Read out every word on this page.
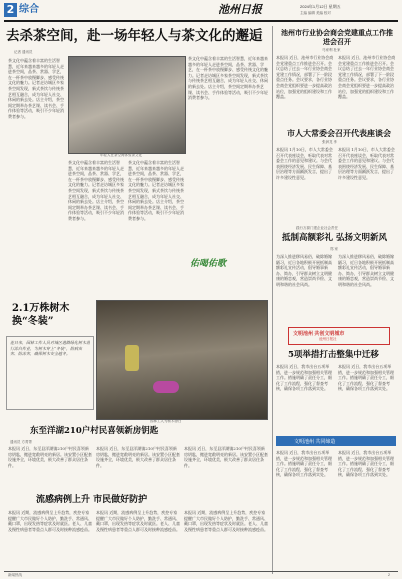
2 综合	池州日报	2024年1月12日 星期五
主编 编辑 美编 校对
去杀茶空间，赴一场年轻人与茶文化的邂逅
记者 通讯员
茶文化中蕴含着丰富的生活智慧，近年来越来越多的年轻人走进茶空间，品茶、赏器、学艺，在一杯茶中放慢脚步、感受传统文化的魅力。记者走访城区多家茶空间发现，新式茶饮与传统茶艺相互融合，成为年轻人社交、休闲的新去处。店主介绍，茶空间定期举办茶艺课、读书会、手作体验等活动，吸引不少年轻消费者参与。
年轻人在茶空间体验茶文化
茶文化中蕴含着丰富的生活智慧，近年来越来越多的年轻人走进茶空间，品茶、赏器、学艺，在一杯茶中放慢脚步、感受传统文化的魅力。记者走访城区多家茶空间发现，新式茶饮与传统茶艺相互融合，成为年轻人社交、休闲的新去处。店主介绍，茶空间定期举办茶艺课、读书会、手作体验等活动，吸引不少年轻消费者参与。
茶文化中蕴含着丰富的生活智慧，近年来越来越多的年轻人走进茶空间，品茶、赏器、学艺，在一杯茶中放慢脚步、感受传统文化的魅力。记者走访城区多家茶空间发现，新式茶饮与传统茶艺相互融合，成为年轻人社交、休闲的新去处。店主介绍，茶空间定期举办茶艺课、读书会、手作体验等活动，吸引不少年轻消费者参与。
茶文化中蕴含着丰富的生活智慧，近年来越来越多的年轻人走进茶空间，品茶、赏器、学艺，在一杯茶中放慢脚步、感受传统文化的魅力。记者走访城区多家茶空间发现，新式茶饮与传统茶艺相互融合，成为年轻人社交、休闲的新去处。店主介绍，茶空间定期举办茶艺课、读书会、手作体验等活动，吸引不少年轻消费者参与。
佑喝佑歌
2.1万株树木换“冬装”
连日来，园林工作人员对城区道路绿化树木进行涂白作业，为树木穿上“冬装”，防病虫害、防冻害，确保树木安全越冬。
园林工人为树木涂白
东至洋湖210户村民喜领新房钥匙
通讯员 方菁菁
本报讯 近日，东至县洋湖镇210户村民喜领新房钥匙，搬进宽敞明亮的新居。该安置小区配套设施齐全，环境优美，极大改善了群众居住条件。
本报讯 近日，东至县洋湖镇210户村民喜领新房钥匙，搬进宽敞明亮的新居。该安置小区配套设施齐全，环境优美，极大改善了群众居住条件。
本报讯 近日，东至县洋湖镇210户村民喜领新房钥匙，搬进宽敞明亮的新居。该安置小区配套设施齐全，环境优美，极大改善了群众居住条件。
流感病例上升 市民做好防护
本报讯 近期，流感病例呈上升趋势，疾控专家提醒广大市民做好个人防护，勤洗手、常通风、戴口罩，出现发热等症状及时就医。老人、儿童及慢性病患者等重点人群可及时接种流感疫苗。
本报讯 近期，流感病例呈上升趋势，疾控专家提醒广大市民做好个人防护，勤洗手、常通风、戴口罩，出现发热等症状及时就医。老人、儿童及慢性病患者等重点人群可及时接种流感疫苗。
本报讯 近期，流感病例呈上升趋势，疾控专家提醒广大市民做好个人防护，勤洗手、常通风、戴口罩，出现发热等症状及时就医。老人、儿童及慢性病患者等重点人群可及时接种流感疫苗。
池州市行业协会商会党建重点工作推进会召开
马家利 杜家
本报讯 近日，池州市行业协会商会党建重点工作推进会召开。会议总结了过去一年行业协会商会党建工作情况，部署了下一阶段重点任务。会议要求，各行业协会商会党组织要进一步提高政治站位，加强党的组织建设和工作覆盖。
本报讯 近日，池州市行业协会商会党建重点工作推进会召开。会议总结了过去一年行业协会商会党建工作情况，部署了下一阶段重点任务。会议要求，各行业协会商会党组织要进一步提高政治站位，加强党的组织建设和工作覆盖。
市人大常委会召开代表座谈会
张润龙 孝
本报讯 1月10日，市人大常委会召开代表座谈会，听取代表对常委会工作的意见和建议。与会代表围绕经济发展、民生保障、基层治理等方面踊跃发言，提出了许多建设性意见。
本报讯 1月10日，市人大常委会召开代表座谈会，听取代表对常委会工作的意见和建议。与会代表围绕经济发展、民生保障、基层治理等方面踊跃发言，提出了许多建设性意见。
践行万源门建企业社会责任
抵制高额彩礼 弘扬文明新风
郑 家
为深入推进移风易俗，破除婚嫁陋习，近日各地积极开展抵制高额彩礼宣传活动，倡导婚事新办、简办，引导群众树立文明健康的婚恋观，营造崇尚节俭、文明和谐的社会风尚。
为深入推进移风易俗，破除婚嫁陋习，近日各地积极开展抵制高额彩礼宣传活动，倡导婚事新办、简办，引导群众树立文明健康的婚恋观，营造崇尚节俭、文明和谐的社会风尚。
文明池州 共创文明城市
池州日报社
5项举措打击整集中迁移
本报讯 近日，我市出台五项举措，进一步规范和加强相关管理工作。措施明确了责任分工，细化了工作流程，强化了督查考核，确保各项工作落到实处。
本报讯 近日，我市出台五项举措，进一步规范和加强相关管理工作。措施明确了责任分工，细化了工作流程，强化了督查考核，确保各项工作落到实处。
文明池州 共同缔造
本报讯 近日，我市出台五项举措，进一步规范和加强相关管理工作。措施明确了责任分工，细化了工作流程，强化了督查考核，确保各项工作落到实处。
本报讯 近日，我市出台五项举措，进一步规范和加强相关管理工作。措施明确了责任分工，细化了工作流程，强化了督查考核，确保各项工作落到实处。
新闻热线	2
